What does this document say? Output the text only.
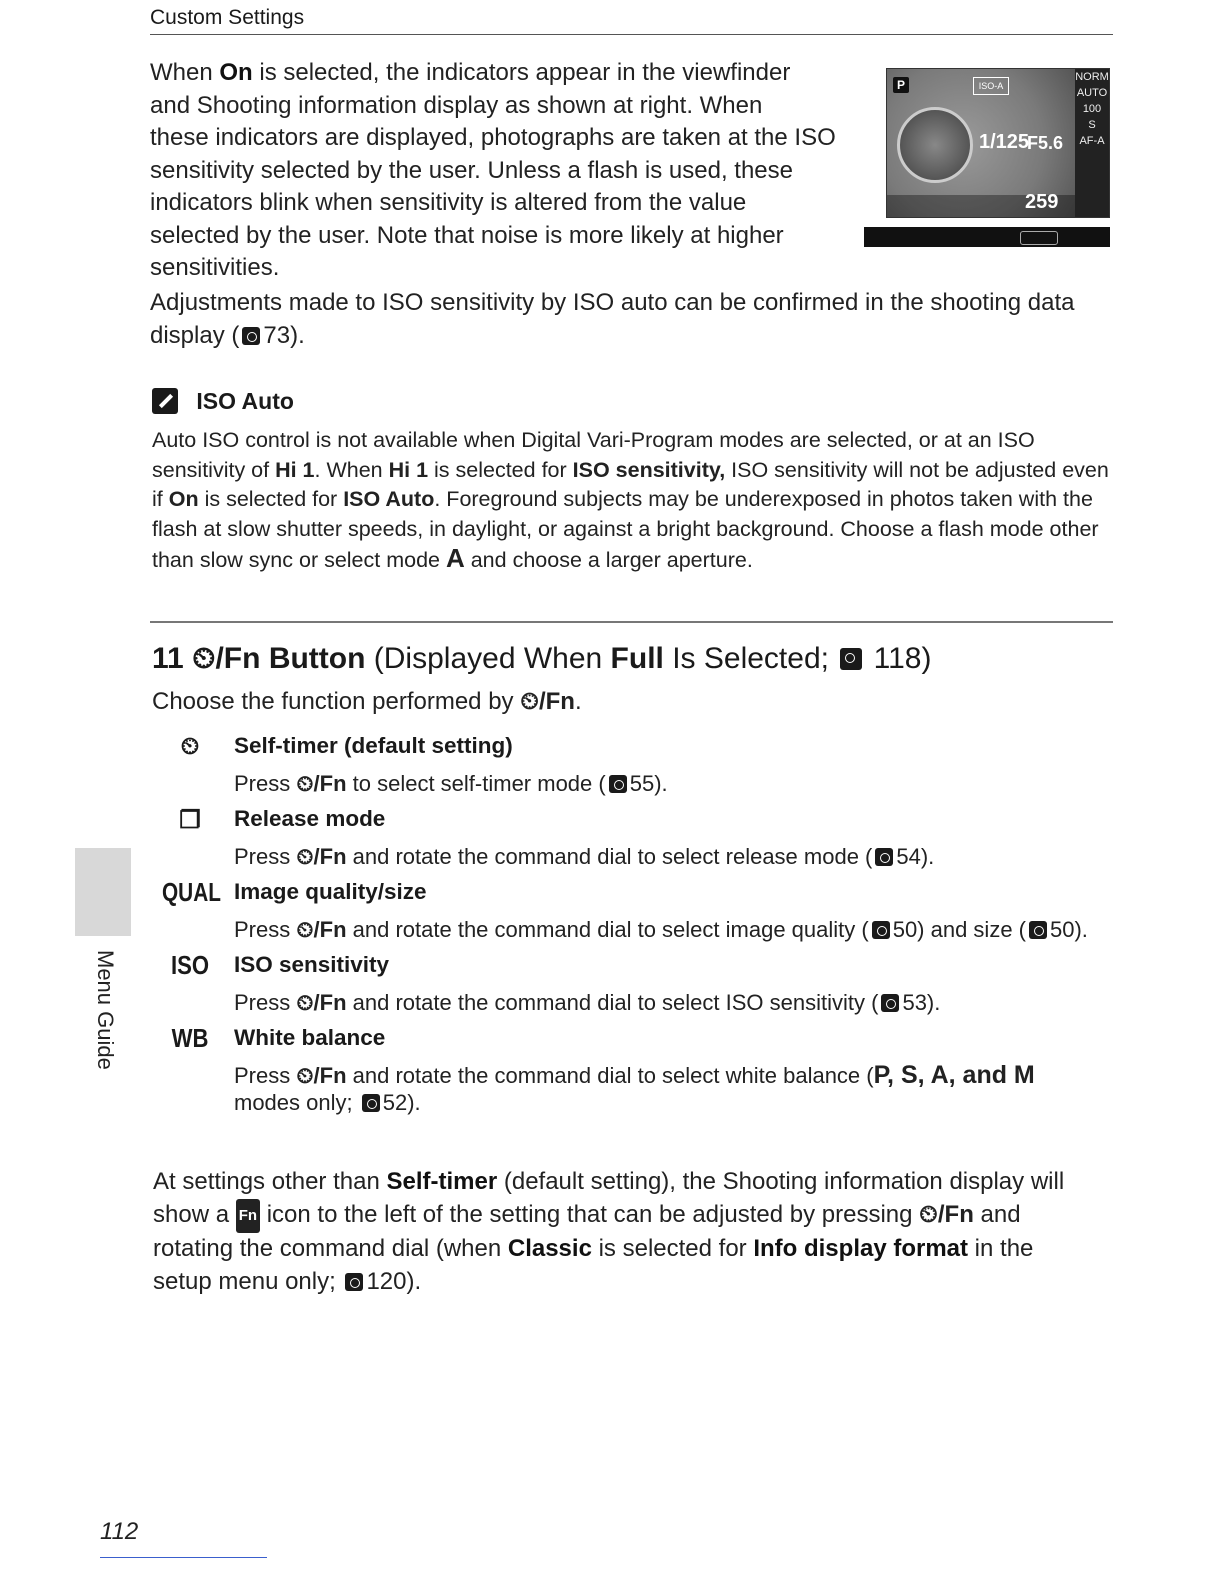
Custom Settings
When On is selected, the indicators appear in the viewfinder
and Shooting information display as shown at right. When
these indicators are displayed, photographs are taken at the ISO
sensitivity selected by the user. Unless a flash is used, these
indicators blink when sensitivity is altered from the value
selected by the user. Note that noise is more likely at higher
sensitivities.
P	ISO-A
1/125
F5.6
259
NORM
AUTO
100
S
AF-A
Adjustments made to ISO sensitivity by ISO auto can be confirmed in the shooting data
display ( 73).
ISO Auto
Auto ISO control is not available when Digital Vari-Program modes are selected, or at an ISO
sensitivity of Hi 1. When Hi 1 is selected for ISO sensitivity, ISO sensitivity will not be adjusted even
if On is selected for ISO Auto. Foreground subjects may be underexposed in photos taken with the
flash at slow shutter speeds, in daylight, or against a bright background. Choose a flash mode other
than slow sync or select mode A and choose a larger aperture.
11 ⏲/Fn Button (Displayed When Full Is Selected;  118)
Choose the function performed by ⏲/Fn.
⏲	Self-timer (default setting)
Press ⏲/Fn to select self-timer mode ( 55).
❐	Release mode
Press ⏲/Fn and rotate the command dial to select release mode ( 54).
QUAL Image quality/size
Press ⏲/Fn and rotate the command dial to select image quality ( 50) and size ( 50).
ISO	ISO sensitivity
Press ⏲/Fn and rotate the command dial to select ISO sensitivity ( 53).
WB	White balance
Press ⏲/Fn and rotate the command dial to select white balance (P, S, A, and M
modes only; 52).
At settings other than Self-timer (default setting), the Shooting information display will
show a Fn icon to the left of the setting that can be adjusted by pressing ⏲/Fn and
rotating the command dial (when Classic is selected for Info display format in the
setup menu only; 120).
Menu Guide
112
